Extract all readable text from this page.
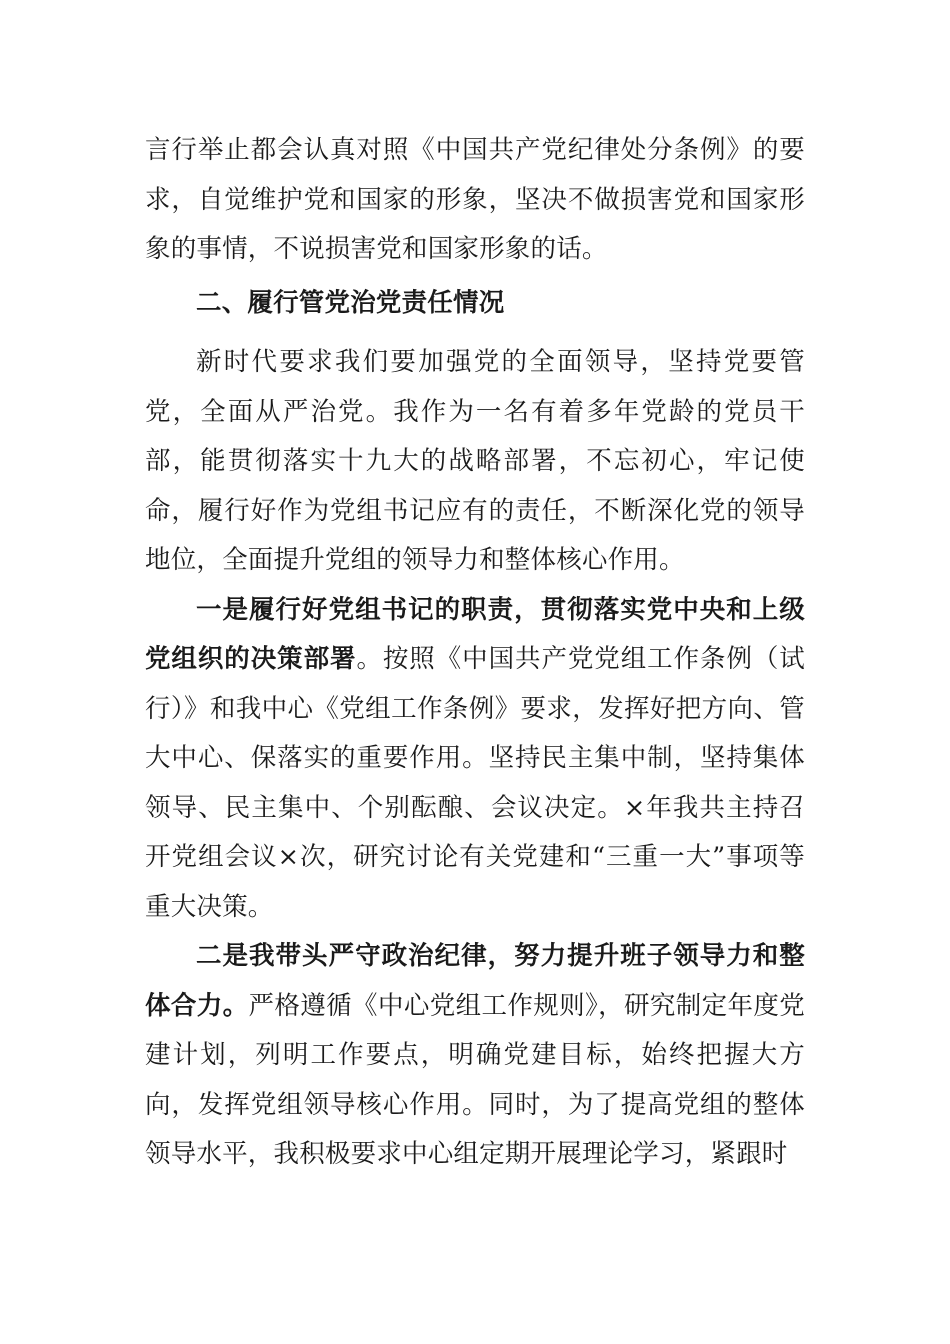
言行举止都会认真对照《中国共产党纪律处分条例》的要求，自觉维护党和国家的形象，坚决不做损害党和国家形象的事情，不说损害党和国家形象的话。

二、履行管党治党责任情况

新时代要求我们要加强党的全面领导，坚持党要管党，全面从严治党。我作为一名有着多年党龄的党员干部，能贯彻落实十九大的战略部署，不忘初心，牢记使命，履行好作为党组书记应有的责任，不断深化党的领导地位，全面提升党组的领导力和整体核心作用。

一是履行好党组书记的职责，贯彻落实党中央和上级党组织的决策部署。按照《中国共产党党组工作条例（试行）》和我中心《党组工作条例》要求，发挥好把方向、管大中心、保落实的重要作用。坚持民主集中制，坚持集体领导、民主集中、个别酝酿、会议决定。×年我共主持召开党组会议×次，研究讨论有关党建和“三重一大”事项等重大决策。

二是我带头严守政治纪律，努力提升班子领导力和整体合力。严格遵循《中心党组工作规则》，研究制定年度党建计划，列明工作要点，明确党建目标，始终把握大方向，发挥党组领导核心作用。同时，为了提高党组的整体领导水平，我积极要求中心组定期开展理论学习，紧跟时
